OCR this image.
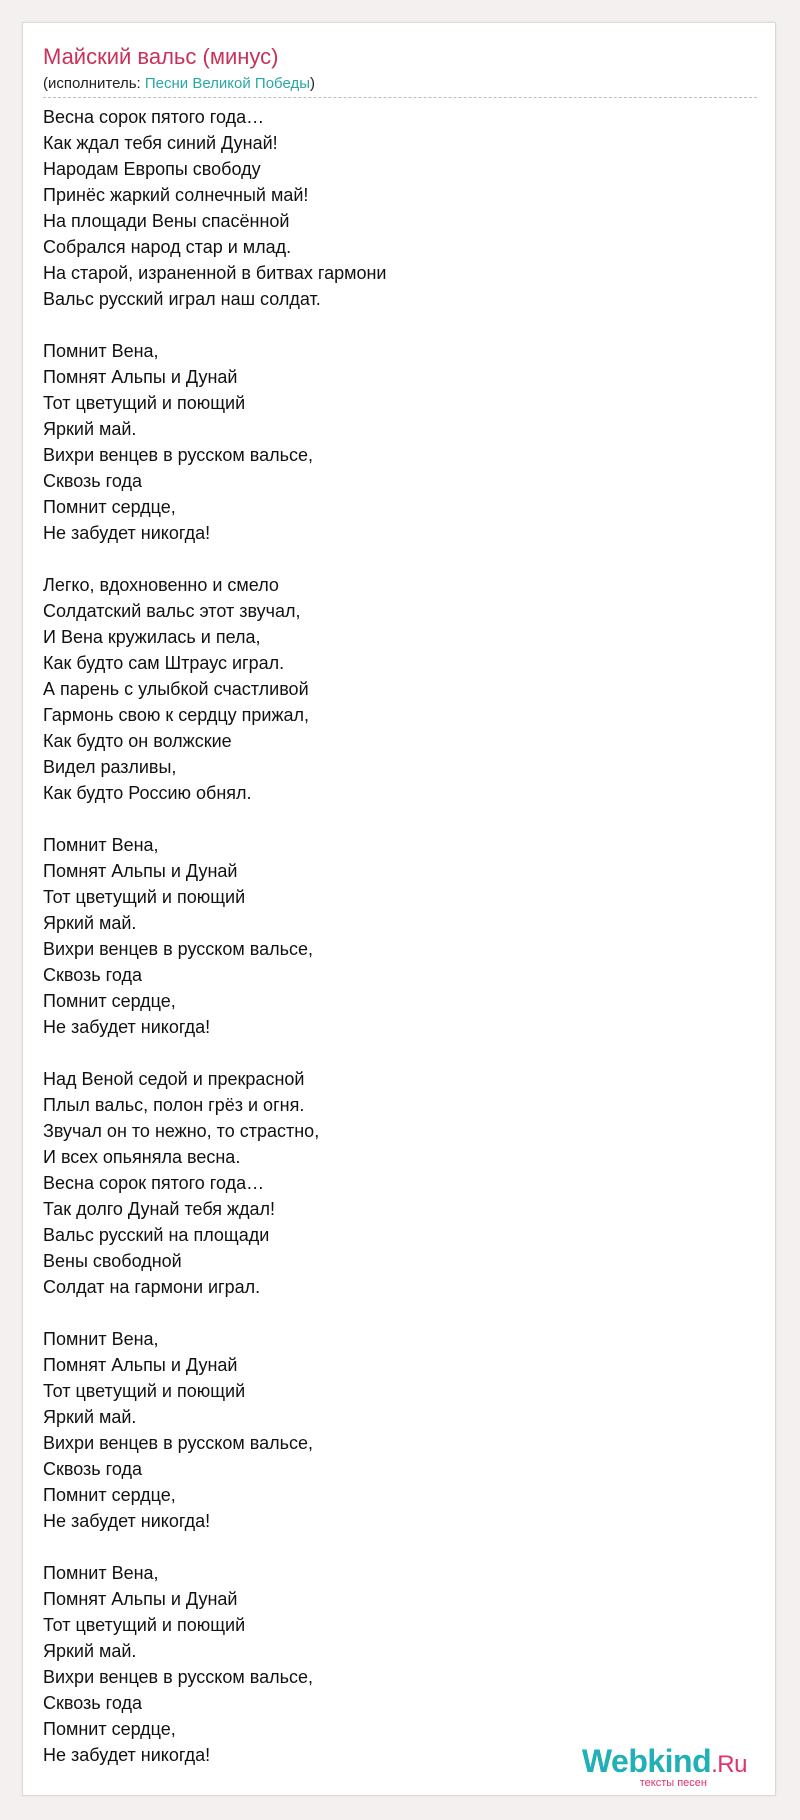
Майский вальс (минус)
(исполнитель: Песни Великой Победы)
Весна сорок пятого года…
Как ждал тебя синий Дунай!
Народам Европы свободу
Принёс жаркий солнечный май!
На площади Вены спасённой
Собрался народ стар и млад.
На старой, израненной в битвах гармони
Вальс русский играл наш солдат.
Помнит Вена,
Помнят Альпы и Дунай
Тот цветущий и поющий
Яркий май.
Вихри венцев в русском вальсе,
Сквозь года
Помнит сердце,
Не забудет никогда!
Легко, вдохновенно и смело
Солдатский вальс этот звучал,
И Вена кружилась и пела,
Как будто сам Штраус играл.
А парень с улыбкой счастливой
Гармонь свою к сердцу прижал,
Как будто он волжские
Видел разливы,
Как будто Россию обнял.
Помнит Вена,
Помнят Альпы и Дунай
Тот цветущий и поющий
Яркий май.
Вихри венцев в русском вальсе,
Сквозь года
Помнит сердце,
Не забудет никогда!
Над Веной седой и прекрасной
Плыл вальс, полон грёз и огня.
Звучал он то нежно, то страстно,
И всех опьяняла весна.
Весна сорок пятого года…
Так долго Дунай тебя ждал!
Вальс русский на площади
Вены свободной
Солдат на гармони играл.
Помнит Вена,
Помнят Альпы и Дунай
Тот цветущий и поющий
Яркий май.
Вихри венцев в русском вальсе,
Сквозь года
Помнит сердце,
Не забудет никогда!
Помнит Вена,
Помнят Альпы и Дунай
Тот цветущий и поющий
Яркий май.
Вихри венцев в русском вальсе,
Сквозь года
Помнит сердце,
Не забудет никогда!	Webkind.Ru
тексты песен
